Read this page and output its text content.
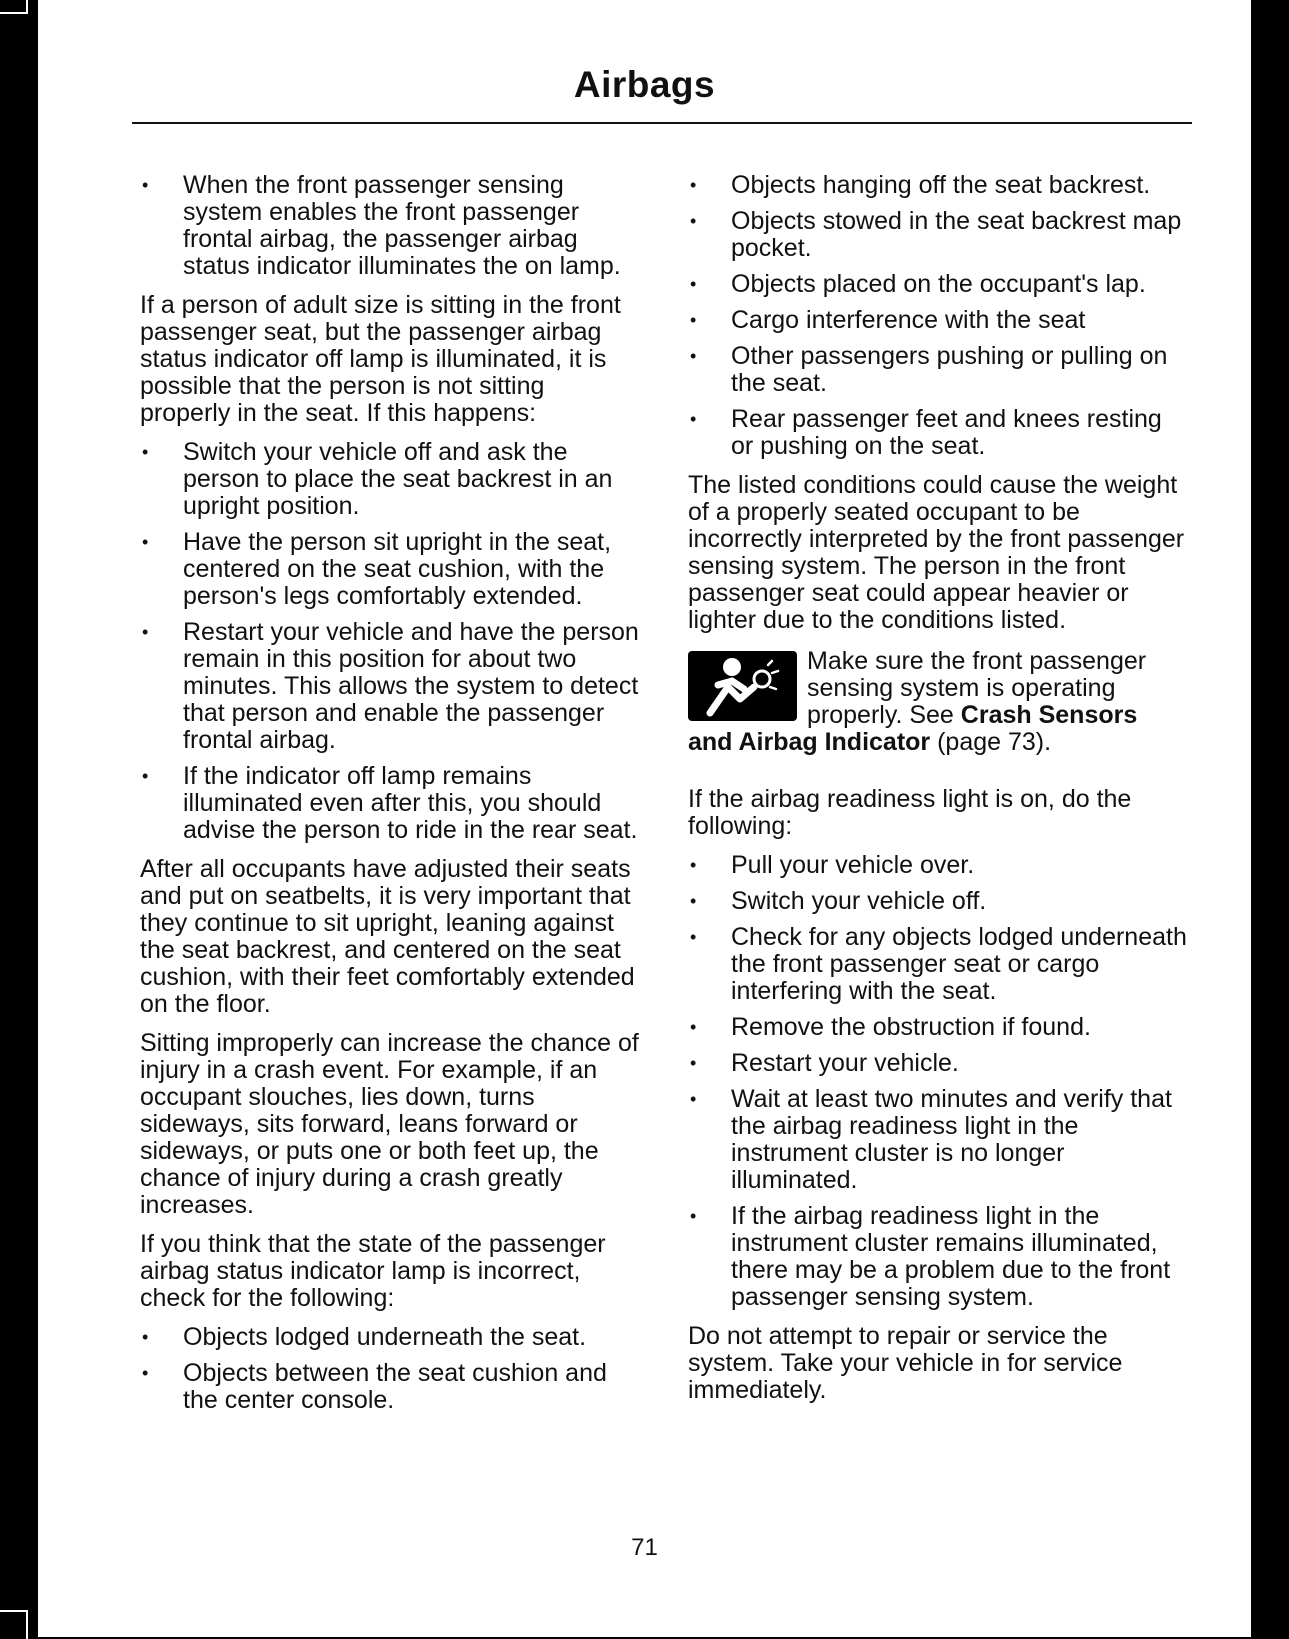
Airbags
• When the front passenger sensing system enables the front passenger frontal airbag, the passenger airbag status indicator illuminates the on lamp.

If a person of adult size is sitting in the front passenger seat, but the passenger airbag status indicator off lamp is illuminated, it is possible that the person is not sitting properly in the seat. If this happens:

• Switch your vehicle off and ask the person to place the seat backrest in an upright position.
• Have the person sit upright in the seat, centered on the seat cushion, with the person's legs comfortably extended.
• Restart your vehicle and have the person remain in this position for about two minutes. This allows the system to detect that person and enable the passenger frontal airbag.
• If the indicator off lamp remains illuminated even after this, you should advise the person to ride in the rear seat.

After all occupants have adjusted their seats and put on seatbelts, it is very important that they continue to sit upright, leaning against the seat backrest, and centered on the seat cushion, with their feet comfortably extended on the floor.

Sitting improperly can increase the chance of injury in a crash event. For example, if an occupant slouches, lies down, turns sideways, sits forward, leans forward or sideways, or puts one or both feet up, the chance of injury during a crash greatly increases.

If you think that the state of the passenger airbag status indicator lamp is incorrect, check for the following:

• Objects lodged underneath the seat.
• Objects between the seat cushion and the center console.
• Objects hanging off the seat backrest.
• Objects stowed in the seat backrest map pocket.
• Objects placed on the occupant's lap.
• Cargo interference with the seat
• Other passengers pushing or pulling on the seat.
• Rear passenger feet and knees resting or pushing on the seat.

The listed conditions could cause the weight of a properly seated occupant to be incorrectly interpreted by the front passenger sensing system. The person in the front passenger seat could appear heavier or lighter due to the conditions listed.

Make sure the front passenger sensing system is operating properly. See Crash Sensors and Airbag Indicator (page 73).

If the airbag readiness light is on, do the following:

• Pull your vehicle over.
• Switch your vehicle off.
• Check for any objects lodged underneath the front passenger seat or cargo interfering with the seat.
• Remove the obstruction if found.
• Restart your vehicle.
• Wait at least two minutes and verify that the airbag readiness light in the instrument cluster is no longer illuminated.
• If the airbag readiness light in the instrument cluster remains illuminated, there may be a problem due to the front passenger sensing system.

Do not attempt to repair or service the system. Take your vehicle in for service immediately.

71
